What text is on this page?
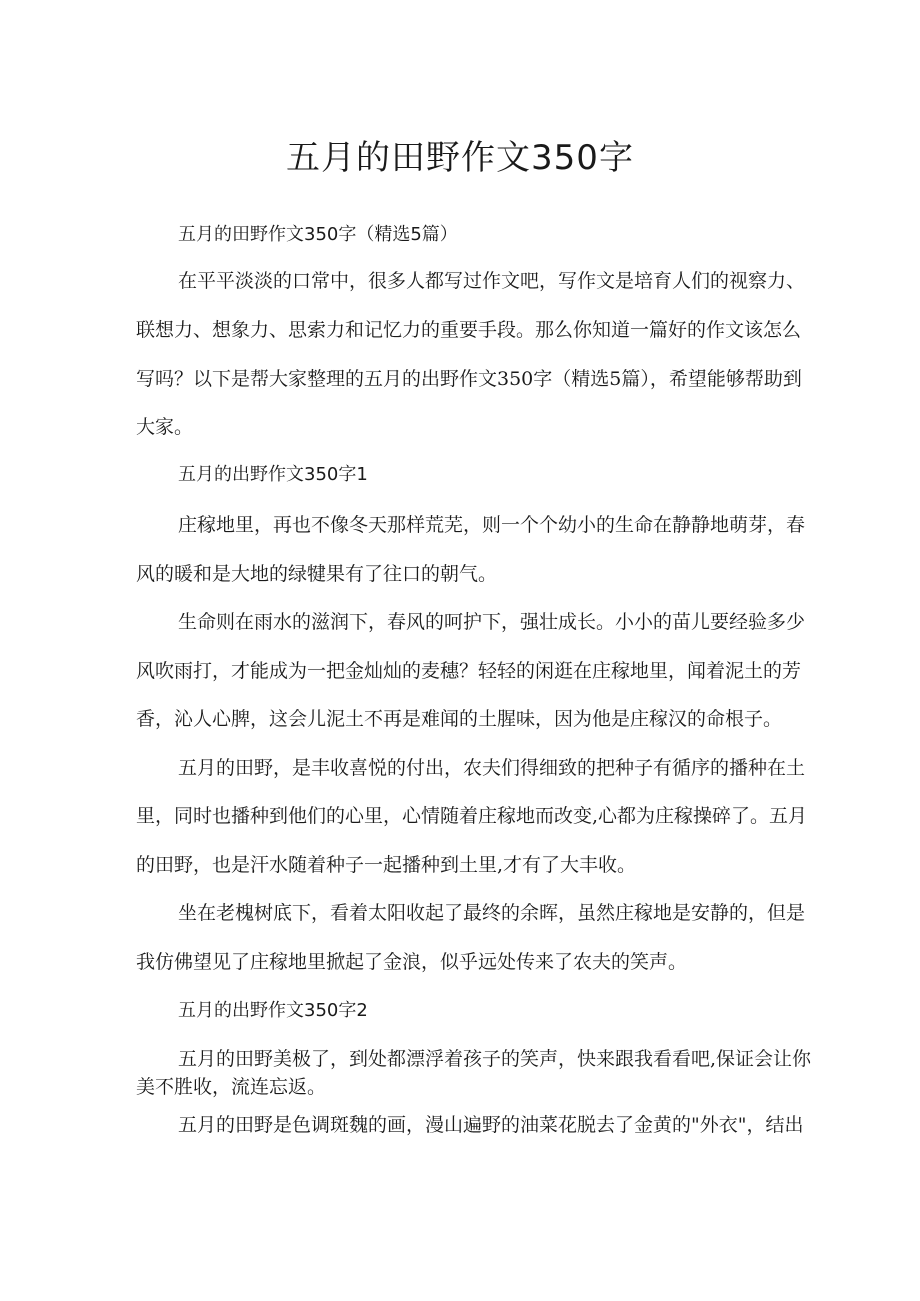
五月的田野作文350字

五月的田野作文350字（精选5篇）

在平平淡淡的口常中，很多人都写过作文吧，写作文是培育人们的视察力、

联想力、想象力、思索力和记忆力的重要手段。那么你知道一篇好的作文该怎么

写吗？以下是帮大家整理的五月的出野作文350字（精选5篇），希望能够帮助到

大家。

五月的出野作文350字1

庄稼地里，再也不像冬天那样荒芜，则一个个幼小的生命在静静地萌芽，春

风的暖和是大地的绿犍果有了往口的朝气。

生命则在雨水的滋润下，春风的呵护下，强壮成长。小小的苗儿要经验多少

风吹雨打，才能成为一把金灿灿的麦穗？轻轻的闲逛在庄稼地里，闻着泥土的芳

香，沁人心脾，这会儿泥土不再是难闻的土腥味，因为他是庄稼汉的命根子。

五月的田野，是丰收喜悦的付出，农夫们得细致的把种子有循序的播种在土

里，同时也播种到他们的心里，心情随着庄稼地而改变,心都为庄稼操碎了。五月

的田野，也是汗水随着种子一起播种到土里,才有了大丰收。

坐在老槐树底下，看着太阳收起了最终的余晖，虽然庄稼地是安静的，但是

我仿佛望见了庄稼地里掀起了金浪，似乎远处传来了农夫的笑声。

五月的出野作文350字2

五月的田野美极了，到处都漂浮着孩子的笑声，快来跟我看看吧,保证会让你

美不胜收，流连忘返。

五月的田野是色调斑魏的画，漫山遍野的油菜花脱去了金黄的"外衣"，结出
